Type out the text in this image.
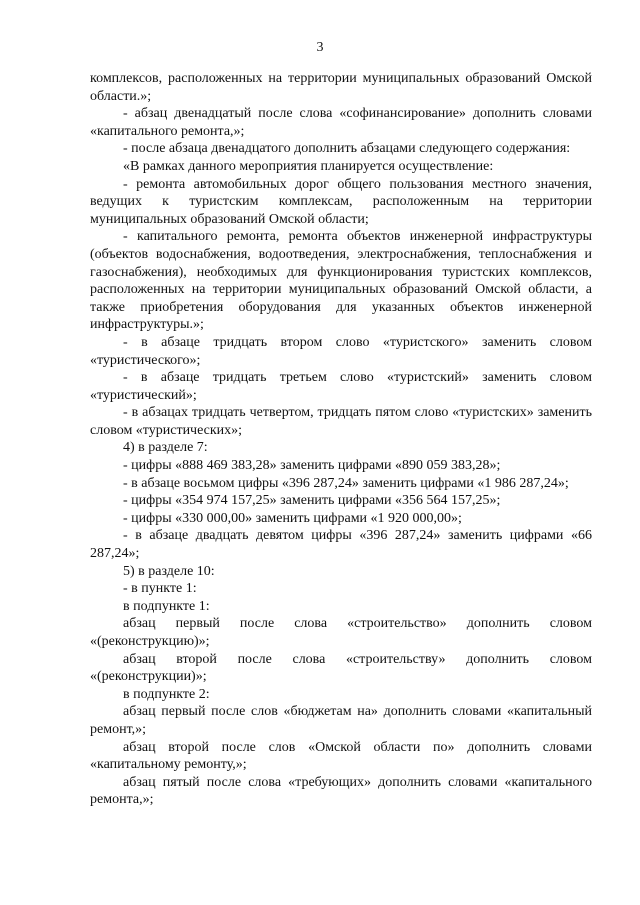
3

комплексов, расположенных на территории муниципальных образований Омской области.»;

- абзац двенадцатый после слова «софинансирование» дополнить словами «капитального ремонта,»;

- после абзаца двенадцатого дополнить абзацами следующего содержания:

«В рамках данного мероприятия планируется осуществление:

- ремонта автомобильных дорог общего пользования местного значения, ведущих к туристским комплексам, расположенным на территории муниципальных образований Омской области;

- капитального ремонта, ремонта объектов инженерной инфраструктуры (объектов водоснабжения, водоотведения, электроснабжения, теплоснабжения и газоснабжения), необходимых для функционирования туристских комплексов, расположенных на территории муниципальных образований Омской области, а также приобретения оборудования для указанных объектов инженерной инфраструктуры.»;

- в абзаце тридцать втором слово «туристского» заменить словом «туристического»;

- в абзаце тридцать третьем слово «туристский» заменить словом «туристический»;

- в абзацах тридцать четвертом, тридцать пятом слово «туристских» заменить словом «туристических»;

4) в разделе 7:

- цифры «888 469 383,28» заменить цифрами «890 059 383,28»;

- в абзаце восьмом цифры «396 287,24» заменить цифрами «1 986 287,24»;

- цифры «354 974 157,25» заменить цифрами «356 564 157,25»;

- цифры «330 000,00» заменить цифрами «1 920 000,00»;

- в абзаце двадцать девятом цифры «396 287,24» заменить цифрами «66 287,24»;

5) в разделе 10:

- в пункте 1:

в подпункте 1:

абзац первый после слова «строительство» дополнить словом «(реконструкцию)»;

абзац второй после слова «строительству» дополнить словом «(реконструкции)»;

в подпункте 2:

абзац первый после слов «бюджетам на» дополнить словами «капитальный ремонт,»;

абзац второй после слов «Омской области по» дополнить словами «капитальному ремонту,»;

абзац пятый после слова «требующих» дополнить словами «капитального ремонта,»;
